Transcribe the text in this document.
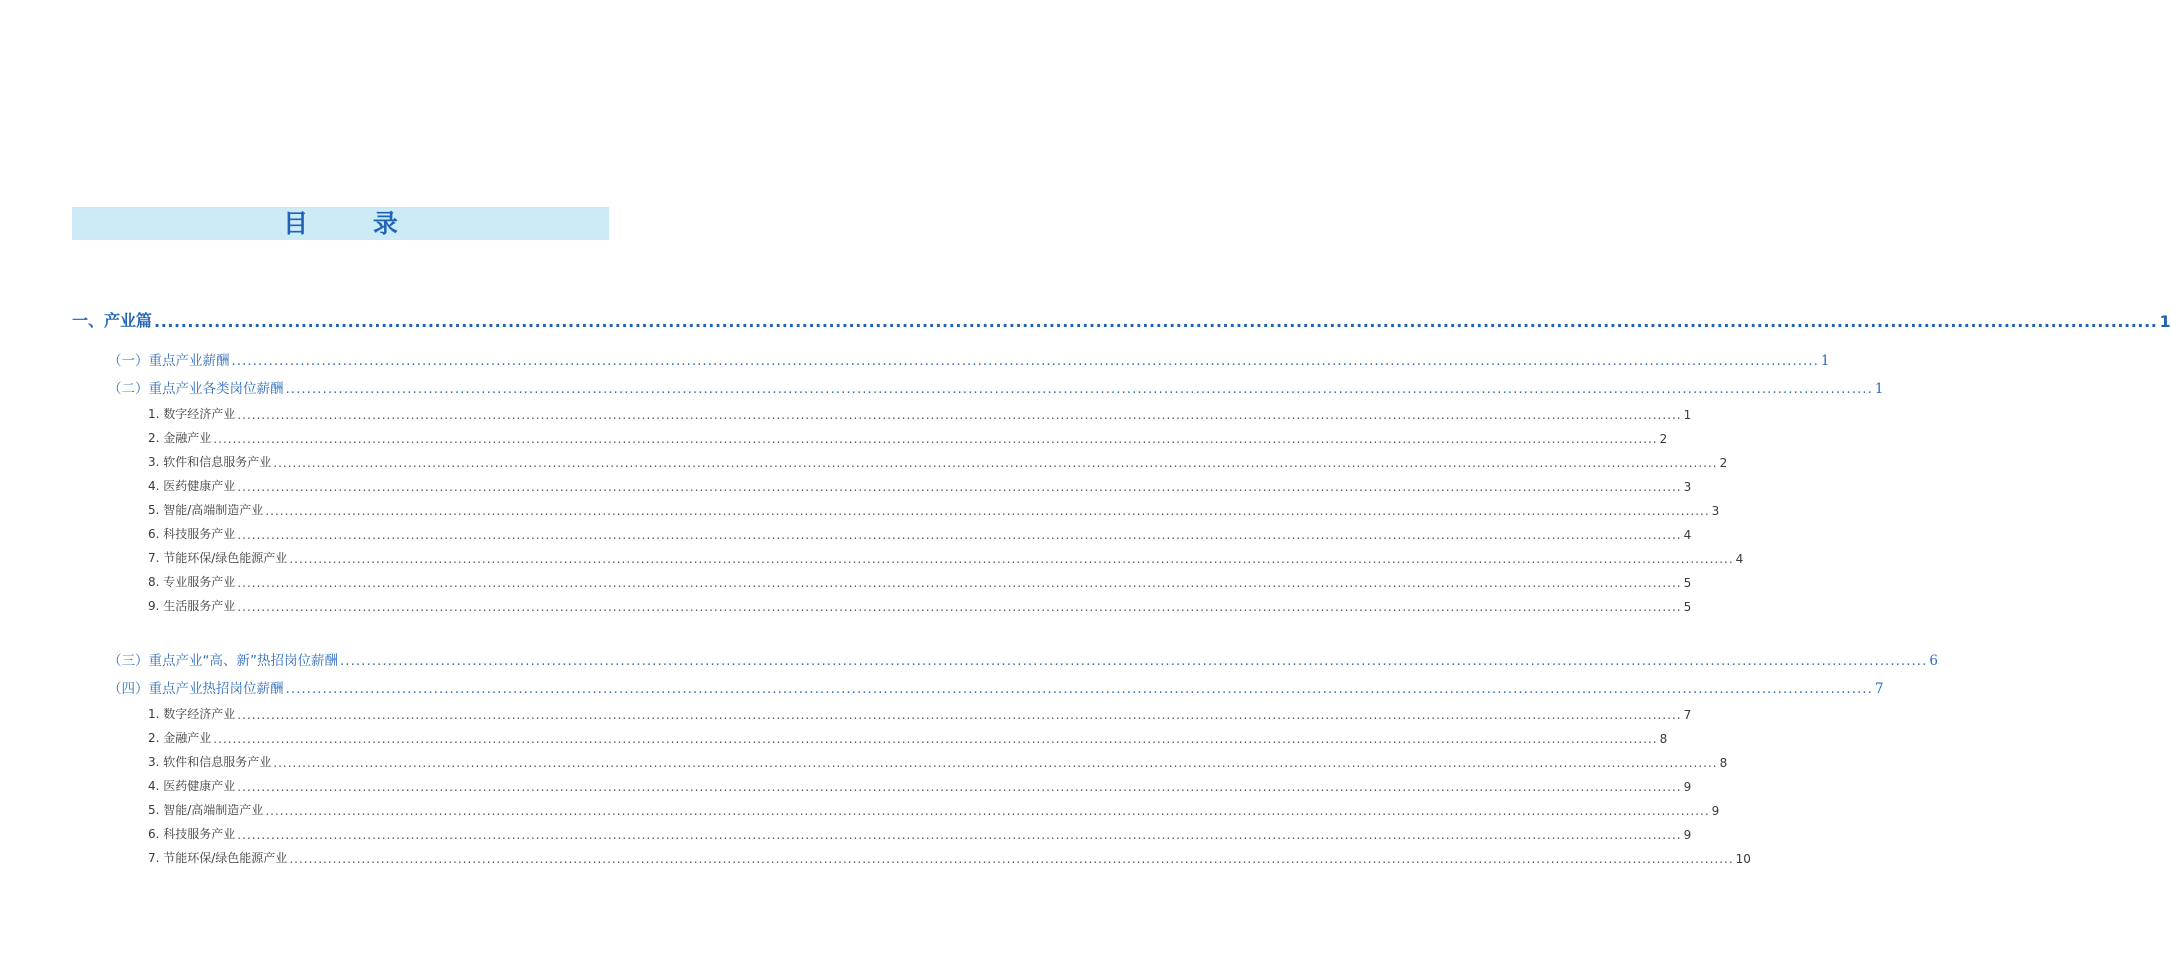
目 录
一、产业篇 ............................................................................................................................................................................................................................................................................................................ 1
（一）重点产业薪酬 ............................................................................................................................................................................................................................................................................................................ 1
（二）重点产业各类岗位薪酬 ............................................................................................................................................................................................................................................................................................................ 1
1. 数字经济产业 ............................................................................................................................................................................................................................................................................................................ 1
2. 金融产业 ............................................................................................................................................................................................................................................................................................................ 2
3. 软件和信息服务产业 ............................................................................................................................................................................................................................................................................................................ 2
4. 医药健康产业 ............................................................................................................................................................................................................................................................................................................ 3
5. 智能/高端制造产业 ............................................................................................................................................................................................................................................................................................................ 3
6. 科技服务产业 ............................................................................................................................................................................................................................................................................................................ 4
7. 节能环保/绿色能源产业 ............................................................................................................................................................................................................................................................................................................ 4
8. 专业服务产业 ............................................................................................................................................................................................................................................................................................................ 5
9. 生活服务产业 ............................................................................................................................................................................................................................................................................................................ 5
（三）重点产业“高、新”热招岗位薪酬 ............................................................................................................................................................................................................................................................................................................ 6
（四）重点产业热招岗位薪酬 ............................................................................................................................................................................................................................................................................................................ 7
1. 数字经济产业 ............................................................................................................................................................................................................................................................................................................ 7
2. 金融产业 ............................................................................................................................................................................................................................................................................................................ 8
3. 软件和信息服务产业 ............................................................................................................................................................................................................................................................................................................ 8
4. 医药健康产业 ............................................................................................................................................................................................................................................................................................................ 9
5. 智能/高端制造产业 ............................................................................................................................................................................................................................................................................................................ 9
6. 科技服务产业 ............................................................................................................................................................................................................................................................................................................ 9
7. 节能环保/绿色能源产业 ............................................................................................................................................................................................................................................................................................................ 10
